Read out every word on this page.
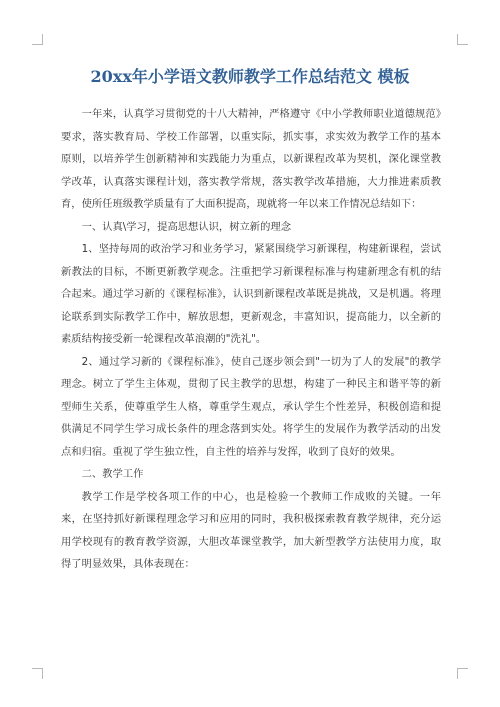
20xx年小学语文教师教学工作总结范文 模板

一年来，认真学习贯彻党的十八大精神，严格遵守《中小学教师职业道德规范》要求，落实教育局、学校工作部署，以重实际，抓实事，求实效为教学工作的基本原则，以培养学生创新精神和实践能力为重点，以新课程改革为契机，深化课堂教学改革，认真落实课程计划，落实教学常规，落实教学改革措施，大力推进素质教育，使所任班级教学质量有了大面积提高，现就将一年以来工作情况总结如下：

一、认真\学习，提高思想认识，树立新的理念

1、坚持每周的政治学习和业务学习，紧紧围绕学习新课程，构建新课程，尝试新教法的目标，不断更新教学观念。注重把学习新课程标准与构建新理念有机的结合起来。通过学习新的《课程标准》，认识到新课程改革既是挑战，又是机遇。将理论联系到实际教学工作中，解放思想，更新观念，丰富知识，提高能力，以全新的素质结构接受新一轮课程改革浪潮的"洗礼"。

2、通过学习新的《课程标准》，使自己逐步领会到"一切为了人的发展"的教学理念。树立了学生主体观，贯彻了民主教学的思想，构建了一种民主和谐平等的新型师生关系，使尊重学生人格，尊重学生观点，承认学生个性差异，积极创造和提供满足不同学生学习成长条件的理念落到实处。将学生的发展作为教学活动的出发点和归宿。重视了学生独立性，自主性的培养与发挥，收到了良好的效果。

二、教学工作

教学工作是学校各项工作的中心，也是检验一个教师工作成败的关键。一年来，在坚持抓好新课程理念学习和应用的同时，我积极探索教育教学规律，充分运用学校现有的教育教学资源，大胆改革课堂教学，加大新型教学方法使用力度，取得了明显效果，具体表现在：
